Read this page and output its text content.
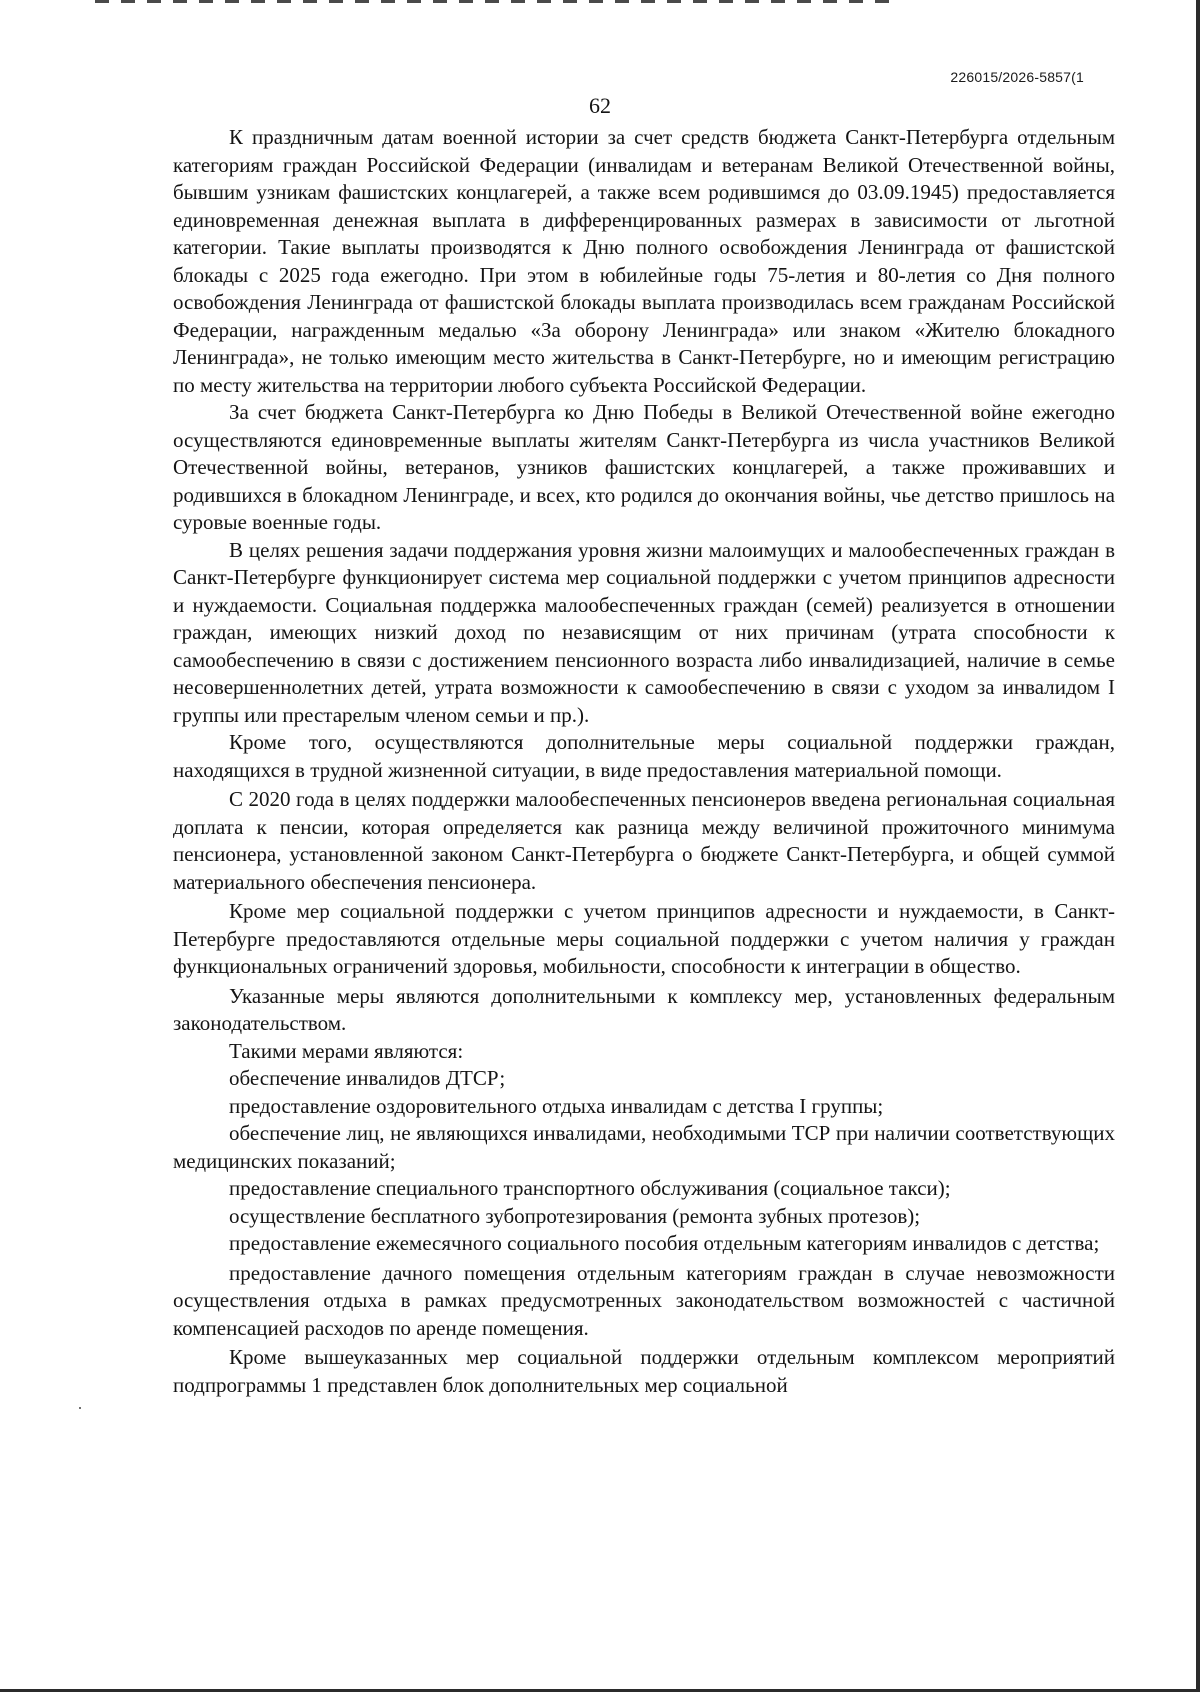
226015/2026-5857(1
62

К праздничным датам военной истории за счет средств бюджета Санкт-Петербурга отдельным категориям граждан Российской Федерации (инвалидам и ветеранам Великой Отечественной войны, бывшим узникам фашистских концлагерей, а также всем родившимся до 03.09.1945) предоставляется единовременная денежная выплата в дифференцированных размерах в зависимости от льготной категории. Такие выплаты производятся к Дню полного освобождения Ленинграда от фашистской блокады с 2025 года ежегодно. При этом в юбилейные годы 75-летия и 80-летия со Дня полного освобождения Ленинграда от фашистской блокады выплата производилась всем гражданам Российской Федерации, награжденным медалью «За оборону Ленинграда» или знаком «Жителю блокадного Ленинграда», не только имеющим место жительства в Санкт-Петербурге, но и имеющим регистрацию по месту жительства на территории любого субъекта Российской Федерации.

За счет бюджета Санкт-Петербурга ко Дню Победы в Великой Отечественной войне ежегодно осуществляются единовременные выплаты жителям Санкт-Петербурга из числа участников Великой Отечественной войны, ветеранов, узников фашистских концлагерей, а также проживавших и родившихся в блокадном Ленинграде, и всех, кто родился до окончания войны, чье детство пришлось на суровые военные годы.

В целях решения задачи поддержания уровня жизни малоимущих и малообеспеченных граждан в Санкт-Петербурге функционирует система мер социальной поддержки с учетом принципов адресности и нуждаемости. Социальная поддержка малообеспеченных граждан (семей) реализуется в отношении граждан, имеющих низкий доход по независящим от них причинам (утрата способности к самообеспечению в связи с достижением пенсионного возраста либо инвалидизацией, наличие в семье несовершеннолетних детей, утрата возможности к самообеспечению в связи с уходом за инвалидом I группы или престарелым членом семьи и пр.).

Кроме того, осуществляются дополнительные меры социальной поддержки граждан, находящихся в трудной жизненной ситуации, в виде предоставления материальной помощи.

С 2020 года в целях поддержки малообеспеченных пенсионеров введена региональная социальная доплата к пенсии, которая определяется как разница между величиной прожиточного минимума пенсионера, установленной законом Санкт-Петербурга о бюджете Санкт-Петербурга, и общей суммой материального обеспечения пенсионера.

Кроме мер социальной поддержки с учетом принципов адресности и нуждаемости, в Санкт-Петербурге предоставляются отдельные меры социальной поддержки с учетом наличия у граждан функциональных ограничений здоровья, мобильности, способности к интеграции в общество.

Указанные меры являются дополнительными к комплексу мер, установленных федеральным законодательством.

Такими мерами являются:

обеспечение инвалидов ДТСР;

предоставление оздоровительного отдыха инвалидам с детства I группы;

обеспечение лиц, не являющихся инвалидами, необходимыми ТСР при наличии соответствующих медицинских показаний;

предоставление специального транспортного обслуживания (социальное такси);

осуществление бесплатного зубопротезирования (ремонта зубных протезов);

предоставление ежемесячного социального пособия отдельным категориям инвалидов с детства;

предоставление дачного помещения отдельным категориям граждан в случае невозможности осуществления отдыха в рамках предусмотренных законодательством возможностей с частичной компенсацией расходов по аренде помещения.

Кроме вышеуказанных мер социальной поддержки отдельным комплексом мероприятий подпрограммы 1 представлен блок дополнительных мер социальной
